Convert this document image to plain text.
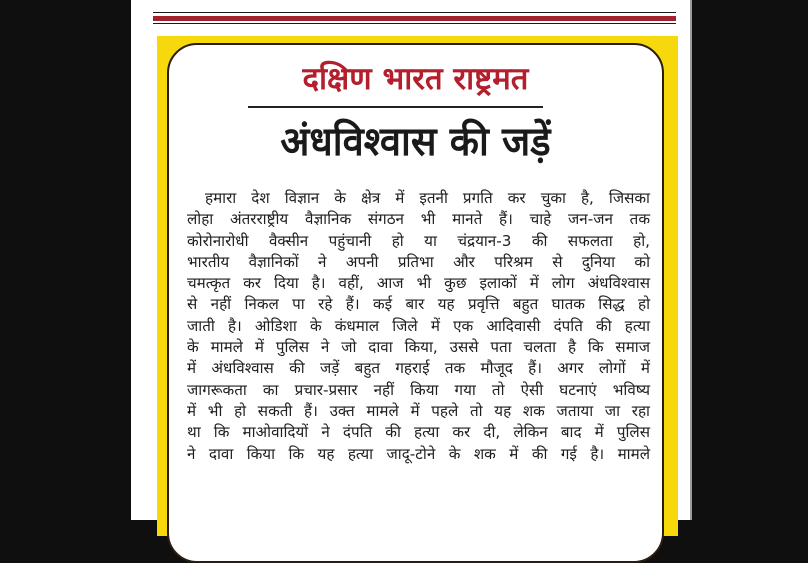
दक्षिण भारत राष्ट्रमत
अंधविश्वास की जड़ें
हमारा देश विज्ञान के क्षेत्र में इतनी प्रगति कर चुका है, जिसका
लोहा अंतरराष्ट्रीय वैज्ञानिक संगठन भी मानते हैं। चाहे जन-जन तक
कोरोनारोधी वैक्सीन पहुंचानी हो या चंद्रयान-3 की सफलता हो,
भारतीय वैज्ञानिकों ने अपनी प्रतिभा और परिश्रम से दुनिया को
चमत्कृत कर दिया है। वहीं, आज भी कुछ इलाकों में लोग अंधविश्वास
से नहीं निकल पा रहे हैं। कई बार यह प्रवृत्ति बहुत घातक सिद्ध हो
जाती है। ओडिशा के कंधमाल जिले में एक आदिवासी दंपति की हत्या
के मामले में पुलिस ने जो दावा किया, उससे पता चलता है कि समाज
में अंधविश्वास की जड़ें बहुत गहराई तक मौजूद हैं। अगर लोगों में
जागरूकता का प्रचार-प्रसार नहीं किया गया तो ऐसी घटनाएं भविष्य
में भी हो सकती हैं। उक्त मामले में पहले तो यह शक जताया जा रहा
था कि माओवादियों ने दंपति की हत्या कर दी, लेकिन बाद में पुलिस
ने दावा किया कि यह हत्या जादू-टोने के शक में की गई है। मामले
